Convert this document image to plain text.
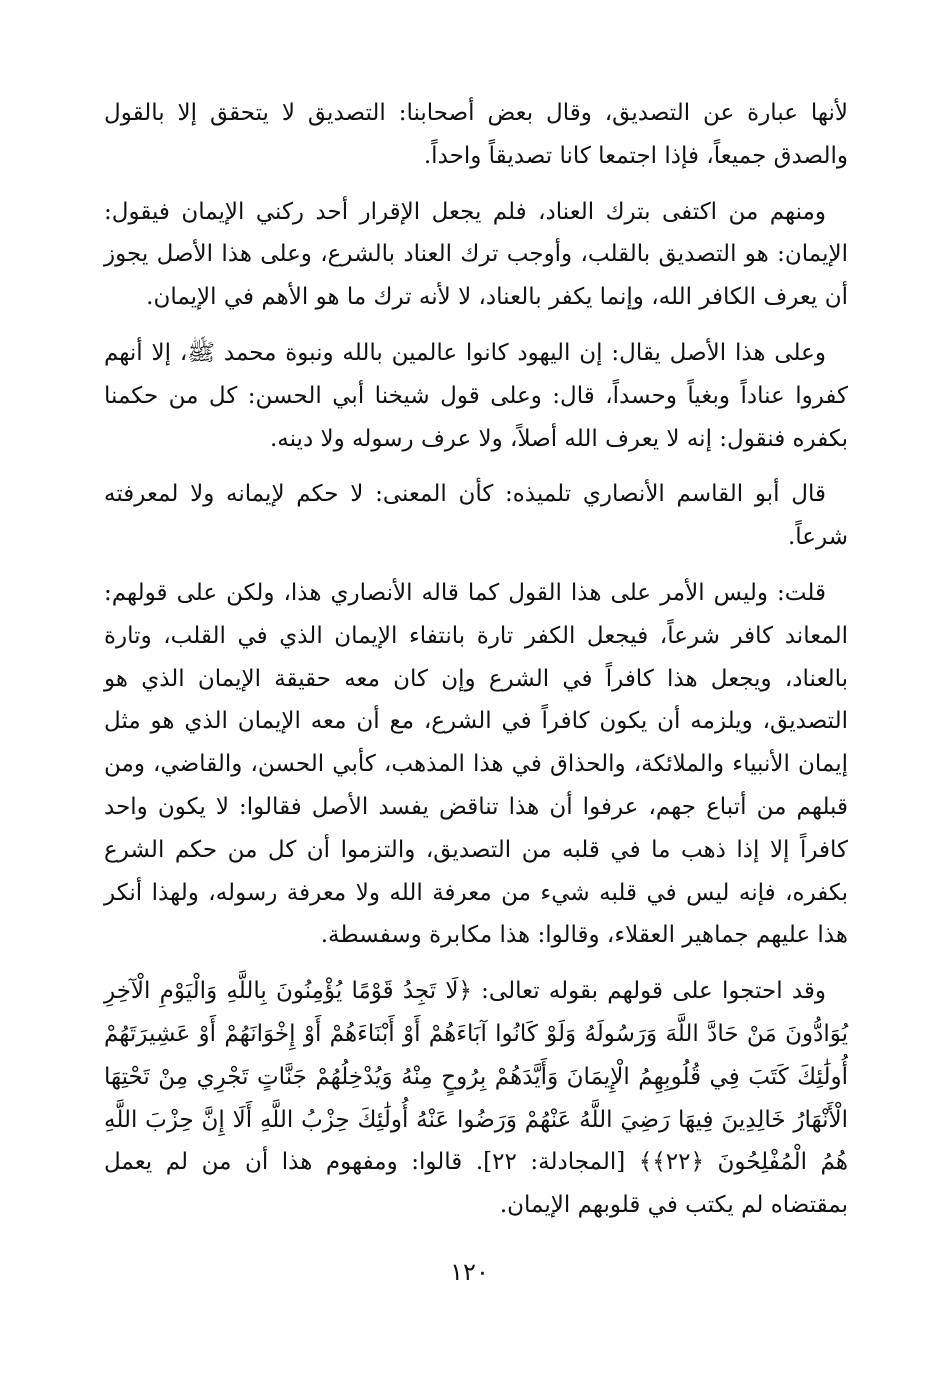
لأنها عبارة عن التصديق، وقال بعض أصحابنا: التصديق لا يتحقق إلا بالقول والصدق جميعاً، فإذا اجتمعا كانا تصديقاً واحداً.

ومنهم من اكتفى بترك العناد، فلم يجعل الإقرار أحد ركني الإيمان فيقول: الإيمان: هو التصديق بالقلب، وأوجب ترك العناد بالشرع، وعلى هذا الأصل يجوز أن يعرف الكافر الله، وإنما يكفر بالعناد، لا لأنه ترك ما هو الأهم في الإيمان.

وعلى هذا الأصل يقال: إن اليهود كانوا عالمين بالله ونبوة محمد ﷺ، إلا أنهم كفروا عناداً وبغياً وحسداً، قال: وعلى قول شيخنا أبي الحسن: كل من حكمنا بكفره فنقول: إنه لا يعرف الله أصلاً، ولا عرف رسوله ولا دينه.

قال أبو القاسم الأنصاري تلميذه: كأن المعنى: لا حكم لإيمانه ولا لمعرفته شرعاً.

قلت: وليس الأمر على هذا القول كما قاله الأنصاري هذا، ولكن على قولهم: المعاند كافر شرعاً، فيجعل الكفر تارة بانتفاء الإيمان الذي في القلب، وتارة بالعناد، ويجعل هذا كافراً في الشرع وإن كان معه حقيقة الإيمان الذي هو التصديق، ويلزمه أن يكون كافراً في الشرع، مع أن معه الإيمان الذي هو مثل إيمان الأنبياء والملائكة، والحذاق في هذا المذهب، كأبي الحسن، والقاضي، ومن قبلهم من أتباع جهم، عرفوا أن هذا تناقض يفسد الأصل فقالوا: لا يكون واحد كافراً إلا إذا ذهب ما في قلبه من التصديق، والتزموا أن كل من حكم الشرع بكفره، فإنه ليس في قلبه شيء من معرفة الله ولا معرفة رسوله، ولهذا أنكر هذا عليهم جماهير العقلاء، وقالوا: هذا مكابرة وسفسطة.

وقد احتجوا على قولهم بقوله تعالى: ﴿لَا تَجِدُ قَوْمًا يُؤْمِنُونَ بِاللَّهِ وَالْيَوْمِ الْآخِرِ يُوَادُّونَ مَنْ حَادَّ اللَّهَ وَرَسُولَهُ وَلَوْ كَانُوا آبَاءَهُمْ أَوْ أَبْنَاءَهُمْ أَوْ إِخْوَانَهُمْ أَوْ عَشِيرَتَهُمْ أُولَٰئِكَ كَتَبَ فِي قُلُوبِهِمُ الْإِيمَانَ وَأَيَّدَهُمْ بِرُوحٍ مِنْهُ وَيُدْخِلُهُمْ جَنَّاتٍ تَجْرِي مِنْ تَحْتِهَا الْأَنْهَارُ خَالِدِينَ فِيهَا رَضِيَ اللَّهُ عَنْهُمْ وَرَضُوا عَنْهُ أُولَٰئِكَ حِزْبُ اللَّهِ أَلَا إِنَّ حِزْبَ اللَّهِ هُمُ الْمُفْلِحُونَ ﴿٢٢﴾﴾ [المجادلة: ٢٢]. قالوا: ومفهوم هذا أن من لم يعمل بمقتضاه لم يكتب في قلوبهم الإيمان.

١٢٠
